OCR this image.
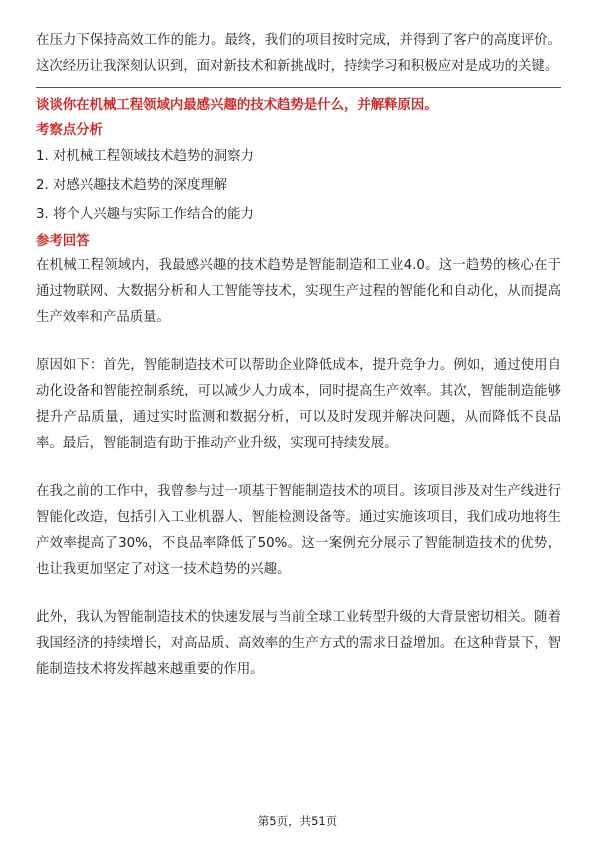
在压力下保持高效工作的能力。最终，我们的项目按时完成，并得到了客户的高度评价。这次经历让我深刻认识到，面对新技术和新挑战时，持续学习和积极应对是成功的关键。

谈谈你在机械工程领域内最感兴趣的技术趋势是什么，并解释原因。

考察点分析
1. 对机械工程领域技术趋势的洞察力
2. 对感兴趣技术趋势的深度理解
3. 将个人兴趣与实际工作结合的能力
参考回答

在机械工程领域内，我最感兴趣的技术趋势是智能制造和工业4.0。这一趋势的核心在于通过物联网、大数据分析和人工智能等技术，实现生产过程的智能化和自动化，从而提高生产效率和产品质量。

原因如下：首先，智能制造技术可以帮助企业降低成本，提升竞争力。例如，通过使用自动化设备和智能控制系统，可以减少人力成本，同时提高生产效率。其次，智能制造能够提升产品质量，通过实时监测和数据分析，可以及时发现并解决问题，从而降低不良品率。最后，智能制造有助于推动产业升级，实现可持续发展。

在我之前的工作中，我曾参与过一项基于智能制造技术的项目。该项目涉及对生产线进行智能化改造，包括引入工业机器人、智能检测设备等。通过实施该项目，我们成功地将生产效率提高了30%，不良品率降低了50%。这一案例充分展示了智能制造技术的优势，也让我更加坚定了对这一技术趋势的兴趣。

此外，我认为智能制造技术的快速发展与当前全球工业转型升级的大背景密切相关。随着我国经济的持续增长，对高品质、高效率的生产方式的需求日益增加。在这种背景下，智能制造技术将发挥越来越重要的作用。

第5页，共51页
